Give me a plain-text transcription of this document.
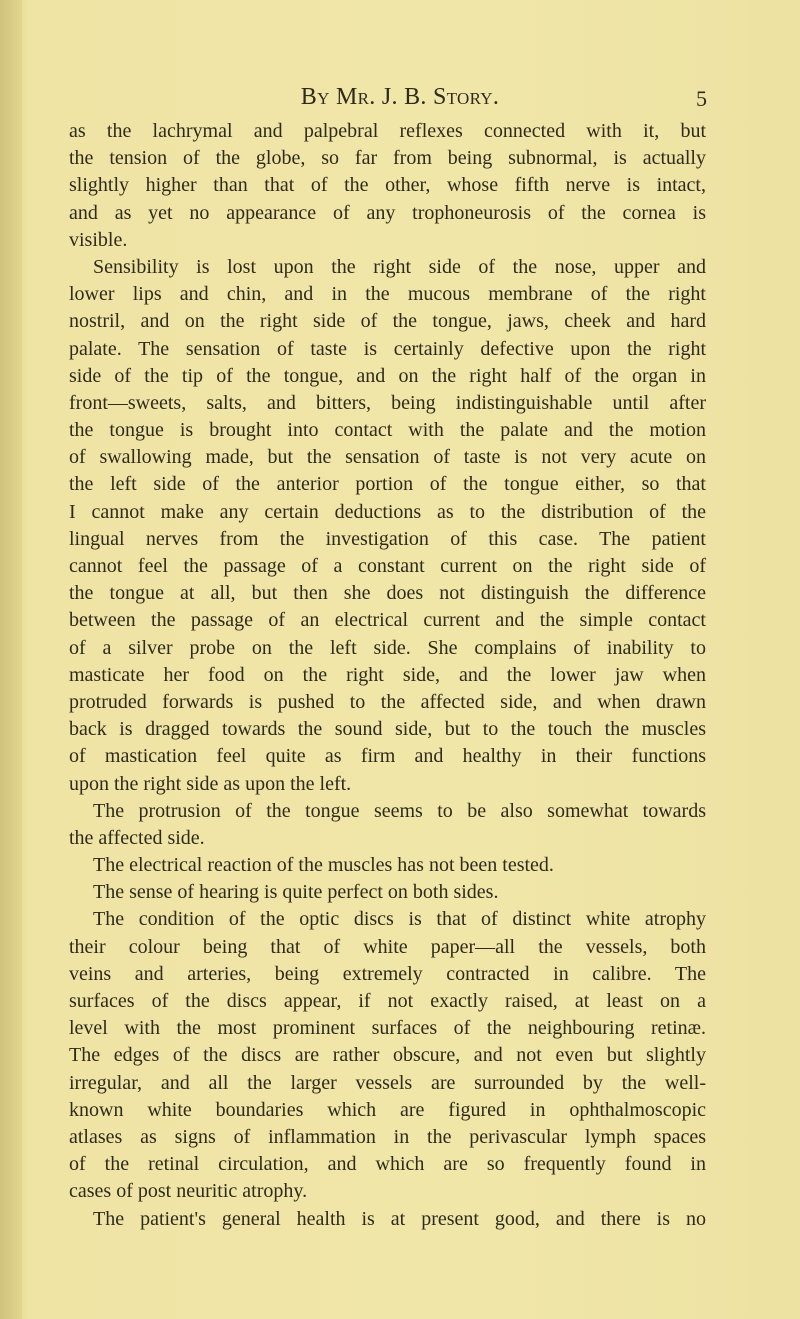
By Mr. J. B. Story.	5
as the lachrymal and palpebral reflexes connected with it, but
the tension of the globe, so far from being subnormal, is actually
slightly higher than that of the other, whose fifth nerve is intact,
and as yet no appearance of any trophoneurosis of the cornea is
visible.
Sensibility is lost upon the right side of the nose, upper and
lower lips and chin, and in the mucous membrane of the right
nostril, and on the right side of the tongue, jaws, cheek and hard
palate. The sensation of taste is certainly defective upon the right
side of the tip of the tongue, and on the right half of the organ in
front—sweets, salts, and bitters, being indistinguishable until after
the tongue is brought into contact with the palate and the motion
of swallowing made, but the sensation of taste is not very acute on
the left side of the anterior portion of the tongue either, so that
I cannot make any certain deductions as to the distribution of the
lingual nerves from the investigation of this case. The patient
cannot feel the passage of a constant current on the right side of
the tongue at all, but then she does not distinguish the difference
between the passage of an electrical current and the simple contact
of a silver probe on the left side. She complains of inability to
masticate her food on the right side, and the lower jaw when
protruded forwards is pushed to the affected side, and when drawn
back is dragged towards the sound side, but to the touch the muscles
of mastication feel quite as firm and healthy in their functions
upon the right side as upon the left.
The protrusion of the tongue seems to be also somewhat towards
the affected side.
The electrical reaction of the muscles has not been tested.
The sense of hearing is quite perfect on both sides.
The condition of the optic discs is that of distinct white atrophy
their colour being that of white paper—all the vessels, both
veins and arteries, being extremely contracted in calibre. The
surfaces of the discs appear, if not exactly raised, at least on a
level with the most prominent surfaces of the neighbouring retinæ.
The edges of the discs are rather obscure, and not even but slightly
irregular, and all the larger vessels are surrounded by the well-
known white boundaries which are figured in ophthalmoscopic
atlases as signs of inflammation in the perivascular lymph spaces
of the retinal circulation, and which are so frequently found in
cases of post neuritic atrophy.
The patient's general health is at present good, and there is no
